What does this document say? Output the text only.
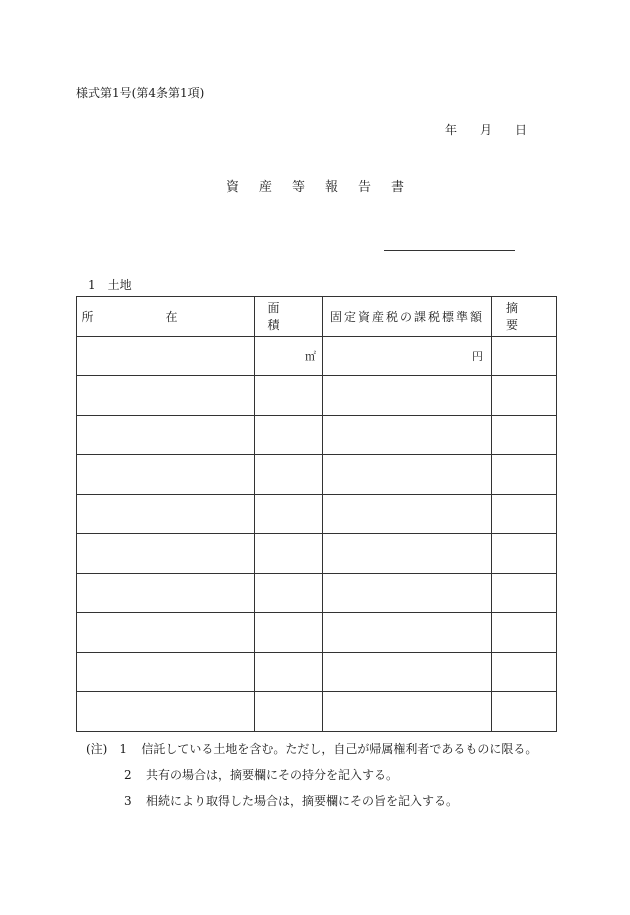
様式第1号(第4条第1項)
年 月 日
資産等報告書
1 土地
所在	面積	固定資産税の課税標準額	摘要
	㎡	円	

(注) 1 信託している土地を含む。ただし，自己が帰属権利者であるものに限る。
2 共有の場合は，摘要欄にその持分を記入する。
3 相続により取得した場合は，摘要欄にその旨を記入する。
